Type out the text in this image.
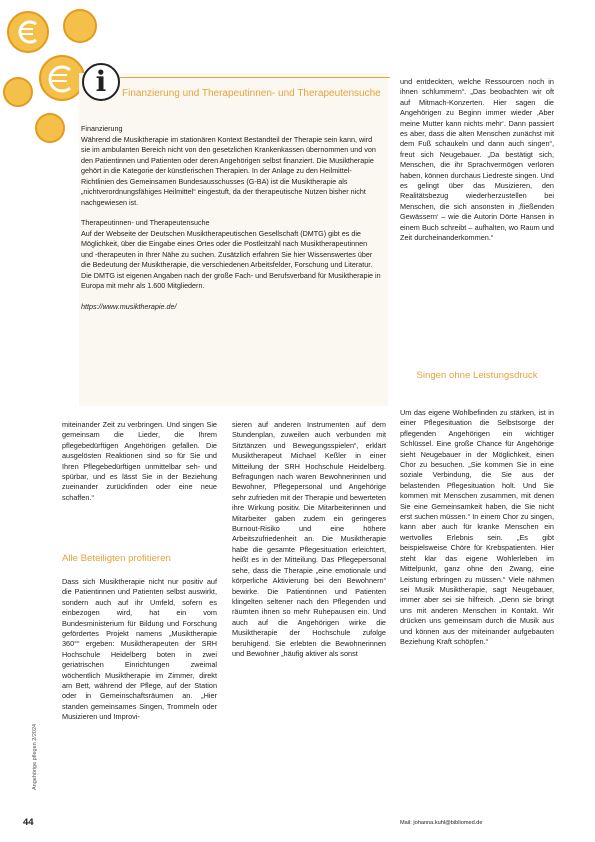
i	Finanzierung und Therapeutinnen- und Therapeutensuche

Finanzierung

Während die Musiktherapie im stationären Kontext Bestandteil der Therapie sein kann, wird sie im ambulanten Bereich nicht von den gesetzlichen Krankenkassen übernommen und von den Patientinnen und Patienten oder deren Angehörigen selbst finanziert. Die Musiktherapie gehört in die Kategorie der künstlerischen Therapien. In der Anlage zu den Heilmittel-Richtlinien des Gemeinsamen Bundesausschusses (G-BA) ist die Musiktherapie als „nichtverordnungsfähiges Heilmittel“ eingestuft, da der therapeutische Nutzen bisher nicht nachgewiesen ist.

Therapeutinnen- und Therapeutensuche

Auf der Webseite der Deutschen Musiktherapeutischen Gesellschaft (DMTG) gibt es die Möglichkeit, über die Eingabe eines Ortes oder die Postleitzahl nach Musiktherapeutinnen und -therapeuten in Ihrer Nähe zu suchen. Zusätzlich erfahren Sie hier Wissenswertes über die Bedeutung der Musiktherapie, die verschiedenen Arbeitsfelder, Forschung und Literatur. Die DMTG ist eigenen Angaben nach der große Fach- und Berufsverband für Musiktherapie in Europa mit mehr als 1.600 Mitgliedern.

https://www.musiktherapie.de/

miteinander Zeit zu verbringen. Und singen Sie gemeinsam die Lieder, die Ihrem pflegebedürftigen Angehörigen gefallen. Die ausgelösten Reaktionen sind so für Sie und Ihren Pflegebedürftigen unmittelbar seh- und spürbar, und es lässt Sie in der Beziehung zueinander zurückfinden oder eine neue schaffen.“

Alle Beteiligten profitieren

Dass sich Musiktherapie nicht nur positiv auf die Patientinnen und Patienten selbst auswirkt, sondern auch auf ihr Umfeld, sofern es einbezogen wird, hat ein vom Bundesministerium für Bildung und Forschung gefördertes Projekt namens „Musiktherapie 360°“ ergeben: Musiktherapeuten der SRH Hochschule Heidelberg boten in zwei geriatrischen Einrichtungen zweimal wöchentlich Musiktherapie im Zimmer, direkt am Bett, während der Pflege, auf der Station oder in Gemeinschaftsräumen an. „Hier standen gemeinsames Singen, Trommeln oder Musizieren und Improvi-

sieren auf anderen Instrumenten auf dem Stundenplan, zuweilen auch verbunden mit Sitztänzen und Bewegungsspielen“, erklärt Musiktherapeut Michael Keßler in einer Mitteilung der SRH Hochschule Heidelberg. Befragungen nach waren Bewohnerinnen und Bewohner, Pflegepersonal und Angehörige sehr zufrieden mit der Therapie und bewerteten ihre Wirkung positiv. Die Mitarbeiterinnen und Mitarbeiter gaben zudem ein geringeres Burnout-Risiko und eine höhere Arbeitszufriedenheit an. Die Musiktherapie habe die gesamte Pflegesituation erleichtert, heißt es in der Mitteilung. Das Pflegepersonal sehe, dass die Therapie „eine emotionale und körperliche Aktivierung bei den Bewohnern“ bewirke. Die Patientinnen und Patienten klingelten seltener nach den Pflegenden und räumten ihnen so mehr Ruhepausen ein. Und auch auf die Angehörigen wirke die Musiktherapie der Hochschule zufolge beruhigend. Sie erlebten die Bewohnerinnen und Bewohner „häufig aktiver als sonst

und entdeckten, welche Ressourcen noch in ihnen schlummern“. „Das beobachten wir oft auf Mitmach-Konzerten. Hier sagen die Angehörigen zu Beginn immer wieder ‚Aber meine Mutter kann nichts mehr‘. Dann passiert es aber, dass die alten Menschen zunächst mit dem Fuß schaukeln und dann auch singen“, freut sich Neugebauer. „Da bestätigt sich, Menschen, die ihr Sprachvermögen verloren haben, können durchaus Liedreste singen. Und es gelingt über das Musizieren, den Realitätsbezug wiederherzustellen bei Menschen, die sich ansonsten in ‚fließenden Gewässern‘ – wie die Autorin Dörte Hansen in einem Buch schreibt – aufhalten, wo Raum und Zeit durcheinanderkommen.“

Singen ohne Leistungsdruck

Um das eigene Wohlbefinden zu stärken, ist in einer Pflegesituation die Selbstsorge der pflegenden Angehörigen ein wichtiger Schlüssel. Eine große Chance für Angehörige sieht Neugebauer in der Möglichkeit, einen Chor zu besuchen. „Sie kommen Sie in eine soziale Verbindung, die Sie aus der belastenden Pflegesituation holt. Und Sie kommen mit Menschen zusammen, mit denen Sie eine Gemeinsamkeit haben, die Sie nicht erst suchen müssen.“ In einem Chor zu singen, kann aber auch für kranke Menschen ein wertvolles Erlebnis sein. „Es gibt beispielsweise Chöre für Krebspatienten. Hier steht klar das eigene Wohlerleben im Mittelpunkt, ganz ohne den Zwang, eine Leistung erbringen zu müssen.“ Viele nähmen sei Musik Musiktherapie, sagt Neugebauer, immer aber sei sie hilfreich. „Denn sie bringt uns mit anderen Menschen in Kontakt. Wir drücken uns gemeinsam durch die Musik aus und können aus der miteinander aufgebauten Beziehung Kraft schöpfen.“

Angehörige pflegen 2/2024
44	Mail: johanna.kuhl@bibliomed.de
